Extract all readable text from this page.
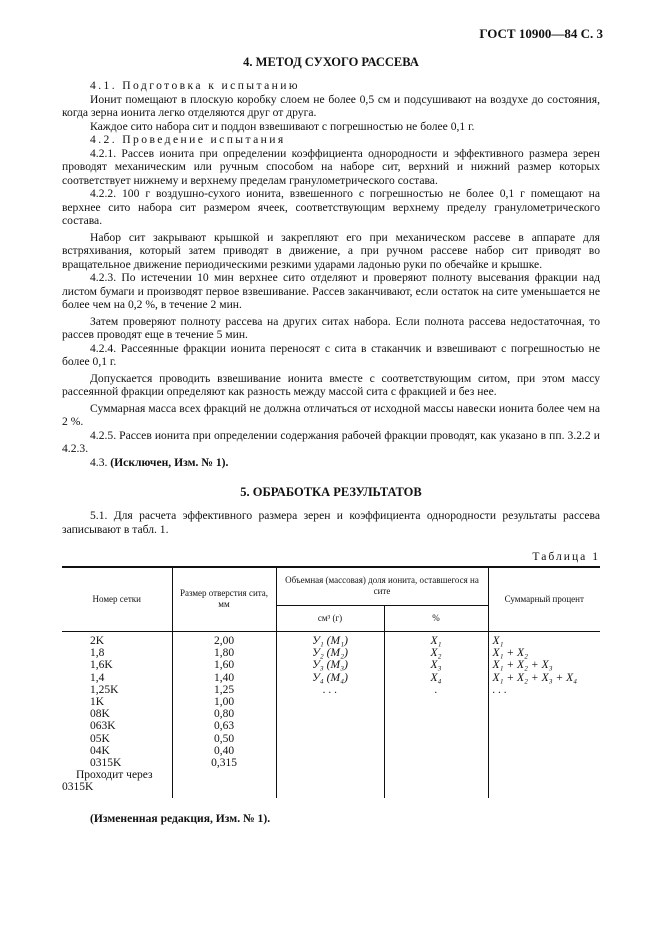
ГОСТ 10900—84 С. 3

4. МЕТОД СУХОГО РАССЕВА

4.1. Подготовка к испытанию

Ионит помещают в плоскую коробку слоем не более 0,5 см и подсушивают на воздухе до состояния, когда зерна ионита легко отделяются друг от друга.

Каждое сито набора сит и поддон взвешивают с погрешностью не более 0,1 г.

4.2. Проведение испытания

4.2.1. Рассев ионита при определении коэффициента однородности и эффективного размера зерен проводят механическим или ручным способом на наборе сит, верхний и нижний размер которых соответствует нижнему и верхнему пределам гранулометрического состава.

4.2.2. 100 г воздушно-сухого ионита, взвешенного с погрешностью не более 0,1 г помещают на верхнее сито набора сит размером ячеек, соответствующим верхнему пределу гранулометрического состава.

Набор сит закрывают крышкой и закрепляют его при механическом рассеве в аппарате для встряхивания, который затем приводят в движение, а при ручном рассеве набор сит приводят во вращательное движение периодическими резкими ударами ладонью руки по обечайке и крышке.

4.2.3. По истечении 10 мин верхнее сито отделяют и проверяют полноту высевания фракции над листом бумаги и производят первое взвешивание. Рассев заканчивают, если остаток на сите уменьшается не более чем на 0,2 %, в течение 2 мин.

Затем проверяют полноту рассева на других ситах набора. Если полнота рассева недостаточная, то рассев проводят еще в течение 5 мин.

4.2.4. Рассеянные фракции ионита переносят с сита в стаканчик и взвешивают с погрешностью не более 0,1 г.

Допускается проводить взвешивание ионита вместе с соответствующим ситом, при этом массу рассеянной фракции определяют как разность между массой сита с фракцией и без нее.

Суммарная масса всех фракций не должна отличаться от исходной массы навески ионита более чем на 2 %.

4.2.5. Рассев ионита при определении содержания рабочей фракции проводят, как указано в пп. 3.2.2 и 4.2.3.

4.3. (Исключен, Изм. № 1).

5. ОБРАБОТКА РЕЗУЛЬТАТОВ

5.1. Для расчета эффективного размера зерен и коэффициента однородности результаты рассева записывают в табл. 1.

Таблица 1

Номер сетки	Размер отверстия сита, мм	Объемная (массовая) доля ионита, оставшегося на сите		Суммарный процент
		см³ (г)	%	

2K	2,00	У₁ (М₁)	X₁	X₁
1,8	1,80	У₂ (М₂)	X₂	X₁ + X₂
1,6K	1,60	У₃ (М₃)	X₃	X₁ + X₂ + X₃
1,4	1,40	У₄ (М₄)	X₄	X₁ + X₂ + X₃ + X₄
1,25K	1,25	. . .	.	. . .
1K	1,00			
08K	0,80			
063K	0,63			
05K	0,50			
04K	0,40			
0315K	0,315			

Проходит через
0315K				

(Измененная редакция, Изм. № 1).
